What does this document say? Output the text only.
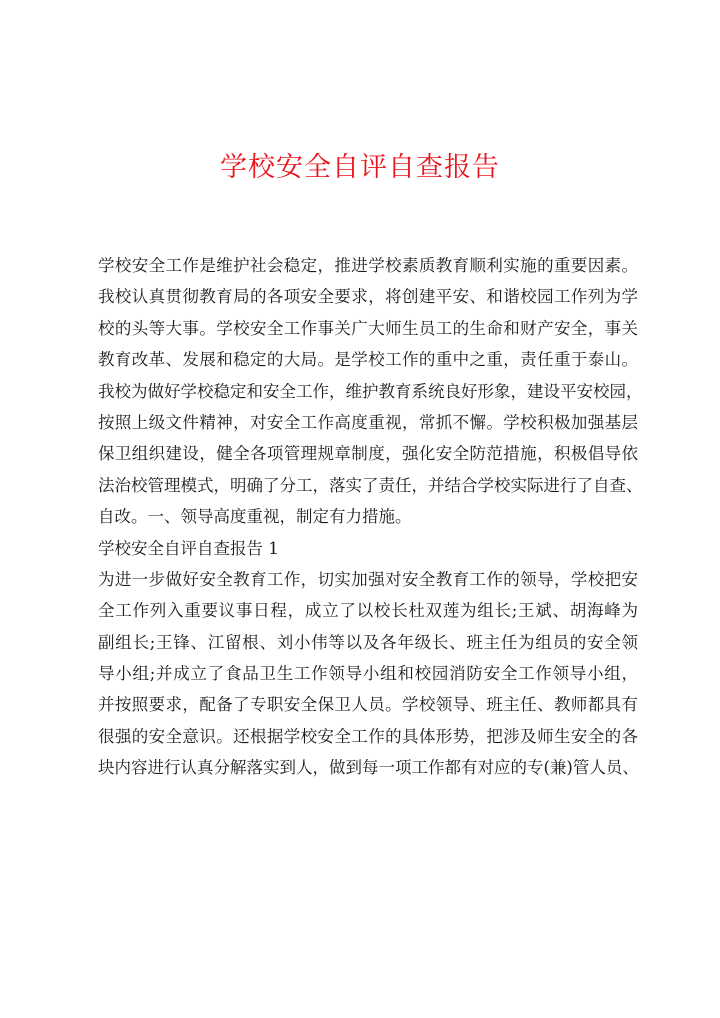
学校安全自评自查报告
学校安全工作是维护社会稳定，推进学校素质教育顺利实施的重要因素。
我校认真贯彻教育局的各项安全要求，将创建平安、和谐校园工作列为学
校的头等大事。学校安全工作事关广大师生员工的生命和财产安全，事关
教育改革、发展和稳定的大局。是学校工作的重中之重，责任重于泰山。
我校为做好学校稳定和安全工作，维护教育系统良好形象，建设平安校园，
按照上级文件精神，对安全工作高度重视，常抓不懈。学校积极加强基层
保卫组织建设，健全各项管理规章制度，强化安全防范措施，积极倡导依
法治校管理模式，明确了分工，落实了责任，并结合学校实际进行了自查、
自改。一、领导高度重视，制定有力措施。
学校安全自评自查报告 1
为进一步做好安全教育工作，切实加强对安全教育工作的领导，学校把安
全工作列入重要议事日程，成立了以校长杜双莲为组长;王斌、胡海峰为
副组长;王锋、江留根、刘小伟等以及各年级长、班主任为组员的安全领
导小组;并成立了食品卫生工作领导小组和校园消防安全工作领导小组，
并按照要求，配备了专职安全保卫人员。学校领导、班主任、教师都具有
很强的安全意识。还根据学校安全工作的具体形势，把涉及师生安全的各
块内容进行认真分解落实到人，做到每一项工作都有对应的专(兼)管人员、
